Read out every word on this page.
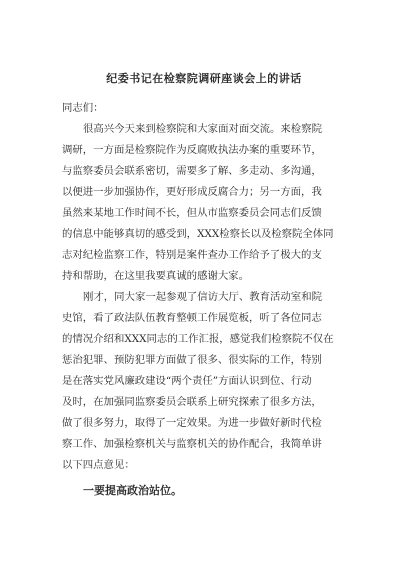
纪委书记在检察院调研座谈会上的讲话
同志们：
很高兴今天来到检察院和大家面对面交流。来检察院
调研，一方面是检察院作为反腐败执法办案的重要环节，
与监察委员会联系密切，需要多了解、多走动、多沟通，
以便进一步加强协作，更好形成反腐合力；另一方面，我
虽然来某地工作时间不长，但从市监察委员会同志们反馈
的信息中能够真切的感受到，XXX检察长以及检察院全体同
志对纪检监察工作，特别是案件查办工作给予了极大的支
持和帮助，在这里我要真诚的感谢大家。
刚才，同大家一起参观了信访大厅、教育活动室和院
史馆，看了政法队伍教育整顿工作展览板，听了各位同志
的情况介绍和XXX同志的工作汇报，感觉我们检察院不仅在
惩治犯罪、预防犯罪方面做了很多、很实际的工作，特别
是在落实党风廉政建设“两个责任”方面认识到位、行动
及时，在加强同监察委员会联系上研究探索了很多方法，
做了很多努力，取得了一定效果。为进一步做好新时代检
察工作、加强检察机关与监察机关的协作配合，我简单讲
以下四点意见：
一要提高政治站位。
